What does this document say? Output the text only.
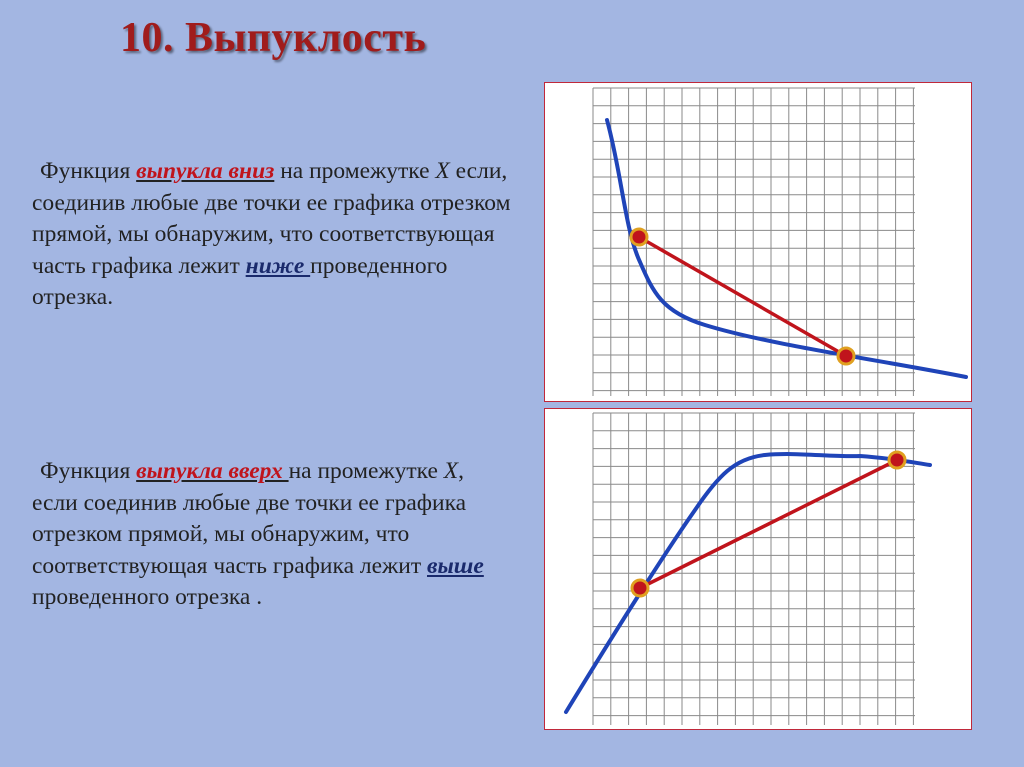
10. Выпуклость
Функция выпукла вниз на промежутке X если, соединив любые две точки ее графика отрезком прямой, мы обнаружим, что соответствующая часть графика лежит ниже проведенного отрезка.
Функция выпукла вверх на промежутке X, если соединив любые две точки ее графика отрезком прямой, мы обнаружим, что соответствующая часть графика лежит выше проведенного отрезка .
